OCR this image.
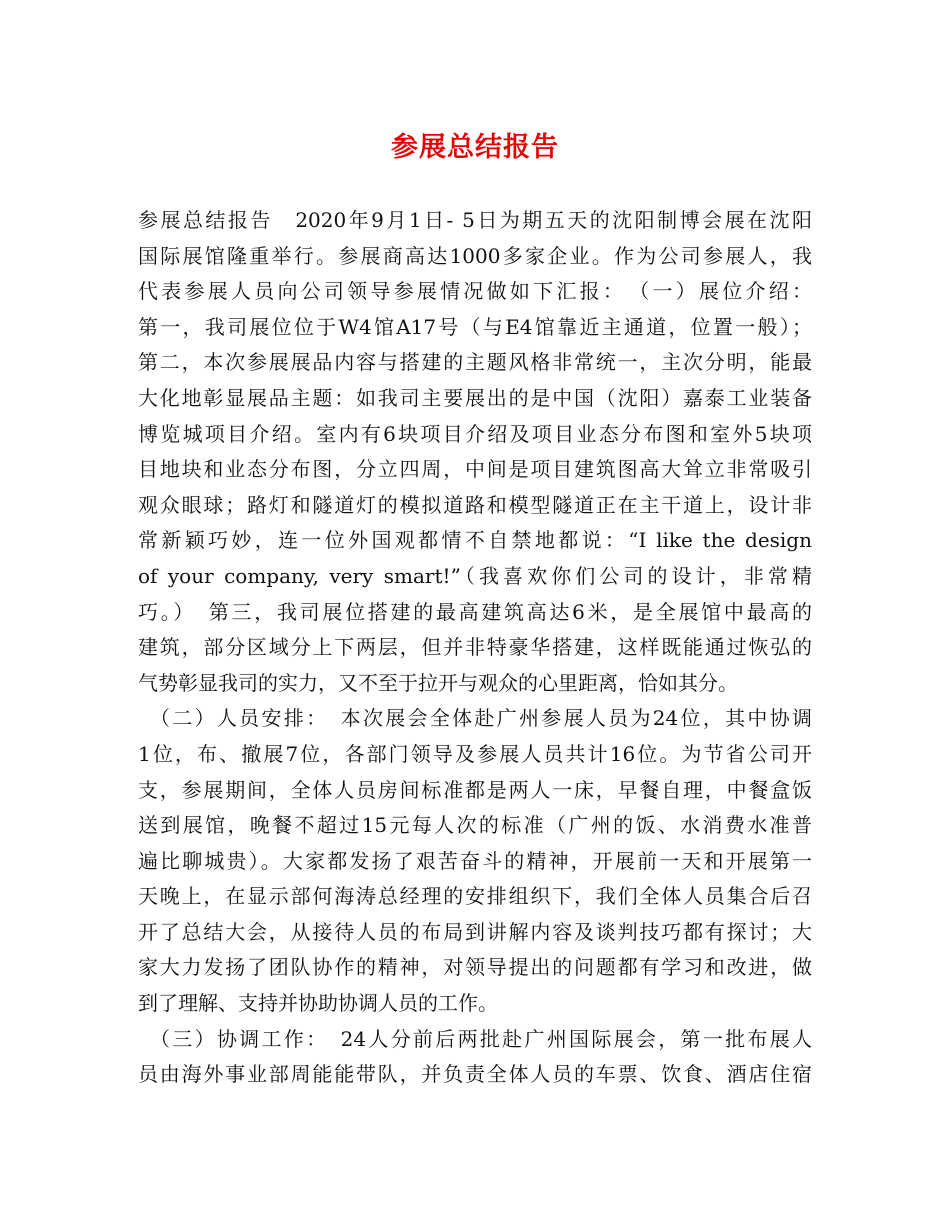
参展总结报告
参展总结报告　2020年9月1日- 5日为期五天的沈阳制博会展在沈阳
国际展馆隆重举行。参展商高达1000多家企业。作为公司参展人，我
代表参展人员向公司领导参展情况做如下汇报：　（一）展位介绍：
第一，我司展位位于W4馆A17号（与E4馆靠近主通道，位置一般）；
第二，本次参展展品内容与搭建的主题风格非常统一，主次分明，能最
大化地彰显展品主题：如我司主要展出的是中国（沈阳）嘉泰工业装备
博览城项目介绍。室内有6块项目介绍及项目业态分布图和室外5块项
目地块和业态分布图，分立四周，中间是项目建筑图高大耸立非常吸引
观众眼球；路灯和隧道灯的模拟道路和模型隧道正在主干道上，设计非
常新颖巧妙，连一位外国观都情不自禁地都说：“I like the design
of your company, very smart!”（我喜欢你们公司的设计，非常精
巧。）　第三，我司展位搭建的最高建筑高达6米，是全展馆中最高的
建筑，部分区域分上下两层，但并非特豪华搭建，这样既能通过恢弘的
气势彰显我司的实力，又不至于拉开与观众的心里距离，恰如其分。
（二）人员安排：　本次展会全体赴广州参展人员为24位，其中协调
1位，布、撤展7位，各部门领导及参展人员共计16位。为节省公司开
支，参展期间，全体人员房间标准都是两人一床，早餐自理，中餐盒饭
送到展馆，晚餐不超过15元每人次的标准（广州的饭、水消费水准普
遍比聊城贵）。大家都发扬了艰苦奋斗的精神，开展前一天和开展第一
天晚上，在显示部何海涛总经理的安排组织下，我们全体人员集合后召
开了总结大会，从接待人员的布局到讲解内容及谈判技巧都有探讨；大
家大力发扬了团队协作的精神，对领导提出的问题都有学习和改进，做
到了理解、支持并协助协调人员的工作。
（三）协调工作：　24人分前后两批赴广州国际展会，第一批布展人
员由海外事业部周能能带队，并负责全体人员的车票、饮食、酒店住宿
